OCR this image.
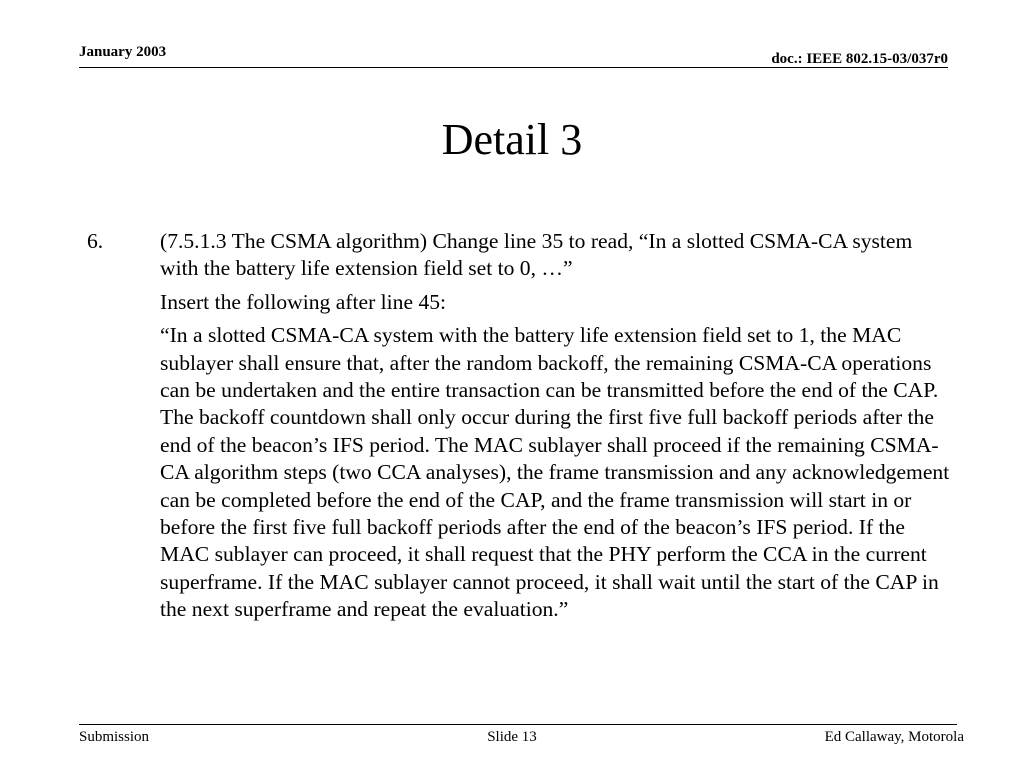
January 2003	doc.: IEEE 802.15-03/037r0
Detail 3
6.	(7.5.1.3 The CSMA algorithm) Change line 35 to read, “In a slotted CSMA-CA system with the battery life extension field set to 0, …”

Insert the following after line 45:

“In a slotted CSMA-CA system with the battery life extension field set to 1, the MAC sublayer shall ensure that, after the random backoff, the remaining CSMA-CA operations can be undertaken and the entire transaction can be transmitted before the end of the CAP. The backoff countdown shall only occur during the first five full backoff periods after the end of the beacon’s IFS period. The MAC sublayer shall proceed if the remaining CSMA-CA algorithm steps (two CCA analyses), the frame transmission and any acknowledgement can be completed before the end of the CAP, and the frame transmission will start in or before the first five full backoff periods after the end of the beacon’s IFS period. If the MAC sublayer can proceed, it shall request that the PHY perform the CCA in the current superframe. If the MAC sublayer cannot proceed, it shall wait until the start of the CAP in the next superframe and repeat the evaluation.”

Submission	Slide 13	Ed Callaway, Motorola
